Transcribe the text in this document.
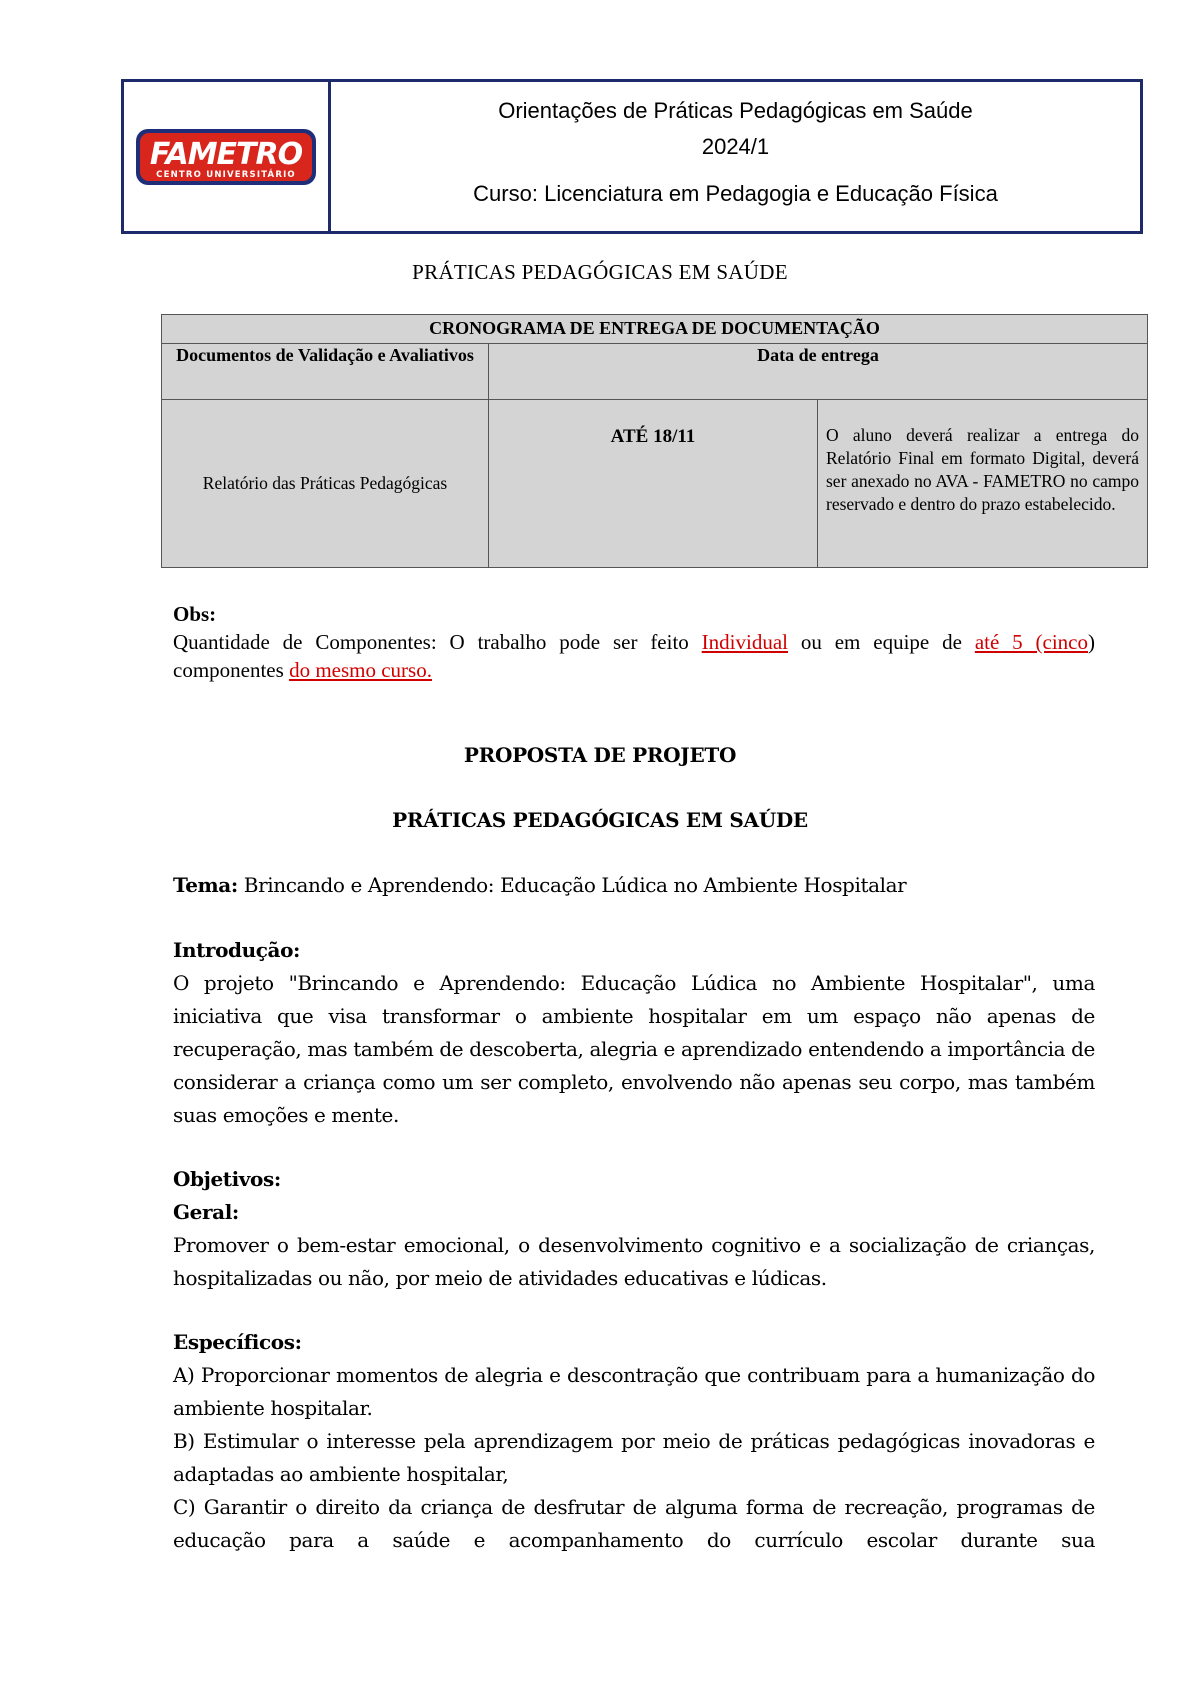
FAMETRO
CENTRO UNIVERSITÁRIO
Orientações de Práticas Pedagógicas em Saúde
2024/1
Curso: Licenciatura em Pedagogia e Educação Física
PRÁTICAS PEDAGÓGICAS EM SAÚDE
CRONOGRAMA DE ENTREGA DE DOCUMENTAÇÃO		
Documentos de Validação e Avaliativos	Data de entrega	
Relatório das Práticas Pedagógicas	ATÉ 18/11	O aluno deverá realizar a entrega do Relatório Final em formato Digital, deverá ser anexado no AVA - FAMETRO no campo reservado e dentro do prazo estabelecido.
Obs:
Quantidade de Componentes: O trabalho pode ser feito Individual ou em equipe de até 5 (cinco) componentes do mesmo curso.
PROPOSTA DE PROJETO
PRÁTICAS PEDAGÓGICAS EM SAÚDE
Tema: Brincando e Aprendendo: Educação Lúdica no Ambiente Hospitalar
Introdução:
O projeto "Brincando e Aprendendo: Educação Lúdica no Ambiente Hospitalar", uma iniciativa que visa transformar o ambiente hospitalar em um espaço não apenas de recuperação, mas também de descoberta, alegria e aprendizado entendendo a importância de considerar a criança como um ser completo, envolvendo não apenas seu corpo, mas também suas emoções e mente.
Objetivos:
Geral:
Promover o bem-estar emocional, o desenvolvimento cognitivo e a socialização de crianças, hospitalizadas ou não, por meio de atividades educativas e lúdicas.
Específicos:
A) Proporcionar momentos de alegria e descontração que contribuam para a humanização do ambiente hospitalar.
B) Estimular o interesse pela aprendizagem por meio de práticas pedagógicas inovadoras e adaptadas ao ambiente hospitalar,
C) Garantir o direito da criança de desfrutar de alguma forma de recreação, programas de educação para a saúde e acompanhamento do currículo escolar durante sua
